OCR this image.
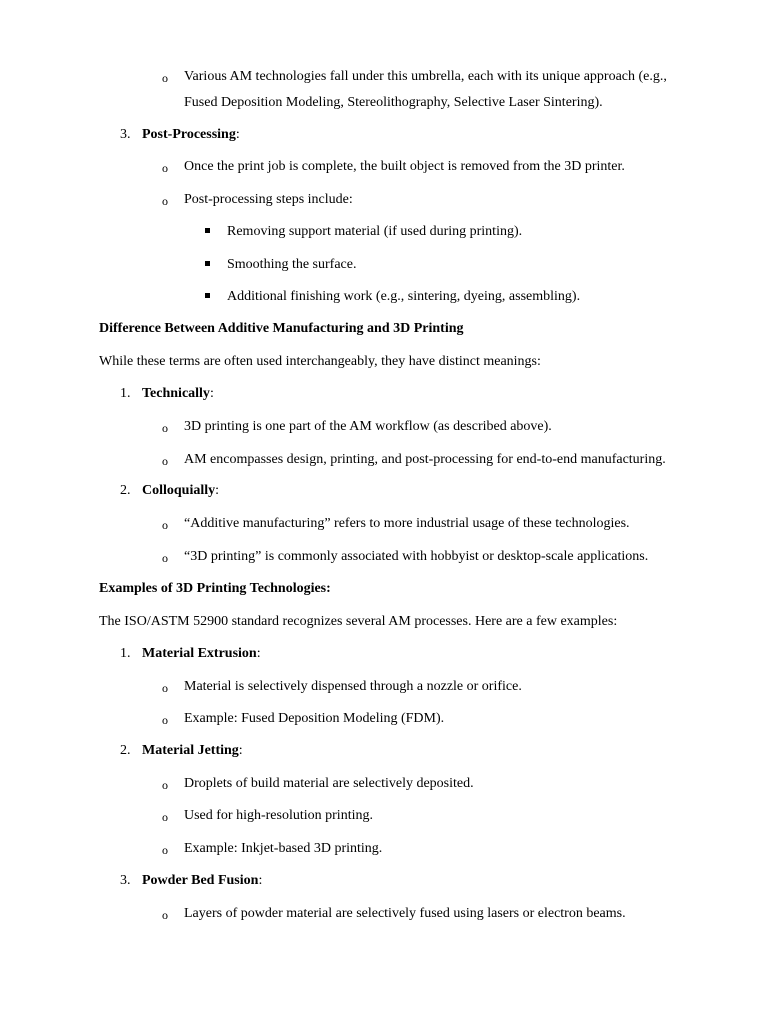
o	Various AM technologies fall under this umbrella, each with its unique approach (e.g.,
Fused Deposition Modeling, Stereolithography, Selective Laser Sintering).
3. Post-Processing:
o	Once the print job is complete, the built object is removed from the 3D printer.
o	Post-processing steps include:
Removing support material (if used during printing).
Smoothing the surface.
Additional finishing work (e.g., sintering, dyeing, assembling).
Difference Between Additive Manufacturing and 3D Printing
While these terms are often used interchangeably, they have distinct meanings:
1. Technically:
o	3D printing is one part of the AM workflow (as described above).
o	AM encompasses design, printing, and post-processing for end-to-end manufacturing.
2. Colloquially:
o	“Additive manufacturing” refers to more industrial usage of these technologies.
o	“3D printing” is commonly associated with hobbyist or desktop-scale applications.
Examples of 3D Printing Technologies:
The ISO/ASTM 52900 standard recognizes several AM processes. Here are a few examples:
1. Material Extrusion:
o	Material is selectively dispensed through a nozzle or orifice.
o	Example: Fused Deposition Modeling (FDM).
2. Material Jetting:
o	Droplets of build material are selectively deposited.
o	Used for high-resolution printing.
o	Example: Inkjet-based 3D printing.
3. Powder Bed Fusion:
o	Layers of powder material are selectively fused using lasers or electron beams.
